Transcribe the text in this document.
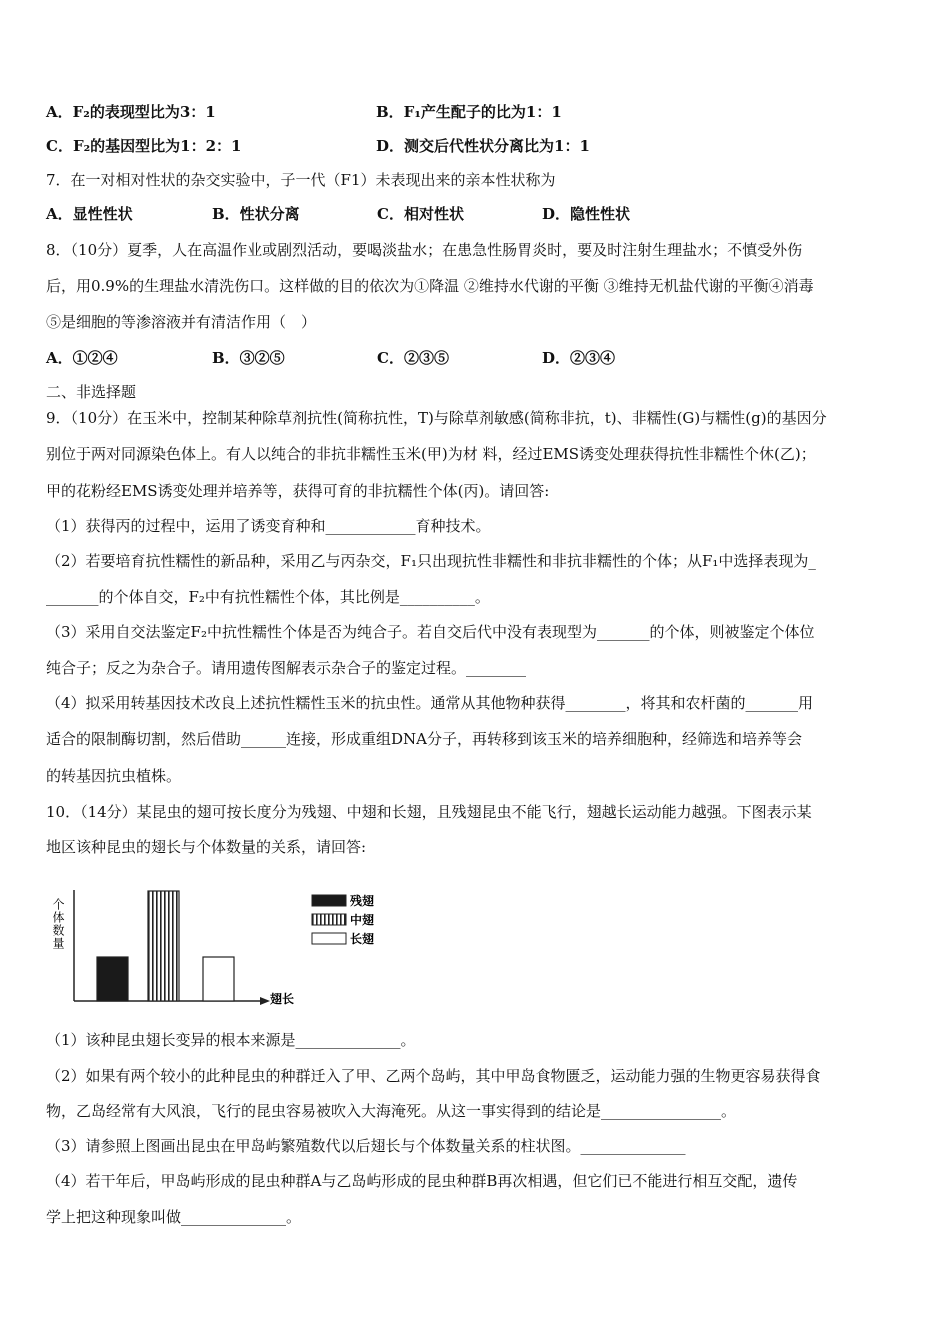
A．F₂的表现型比为3：1	B．F₁产生配子的比为1：1
C．F₂的基因型比为1：2：1	D．测交后代性状分离比为1：1
7．在一对相对性状的杂交实验中，子一代（F1）未表现出来的亲本性状称为
A．显性性状	B．性状分离	C．相对性状	D．隐性性状
8．（10分）夏季，人在高温作业或剧烈活动，要喝淡盐水；在患急性肠胃炎时，要及时注射生理盐水；不慎受外伤
后，用0.9%的生理盐水清洗伤口。这样做的目的依次为①降温 ②维持水代谢的平衡 ③维持无机盐代谢的平衡④消毒
⑤是细胞的等渗溶液并有清洁作用（　）
A．①②④	B．③②⑤	C．②③⑤	D．②③④
二、非选择题
9．（10分）在玉米中，控制某种除草剂抗性(简称抗性，T)与除草剂敏感(简称非抗，t)、非糯性(G)与糯性(g)的基因分
别位于两对同源染色体上。有人以纯合的非抗非糯性玉米(甲)为材 料，经过EMS诱变处理获得抗性非糯性个休(乙)；
甲的花粉经EMS诱变处理并培养等，获得可育的非抗糯性个体(丙)。请回答:
（1）获得丙的过程中，运用了诱变育种和____________育种技术。
（2）若要培育抗性糯性的新品种，采用乙与丙杂交，F₁只出现抗性非糯性和非抗非糯性的个体；从F₁中选择表现为_
_______的个体自交，F₂中有抗性糯性个体，其比例是__________。
（3）采用自交法鉴定F₂中抗性糯性个体是否为纯合子。若自交后代中没有表现型为_______的个体，则被鉴定个体位
纯合子；反之为杂合子。请用遗传图解表示杂合子的鉴定过程。________
（4）拟采用转基因技术改良上述抗性糯性玉米的抗虫性。通常从其他物种获得________，将其和农杆菌的_______用
适合的限制酶切割，然后借助______连接，形成重组DNA分子，再转移到该玉米的培养细胞种，经筛选和培养等会
的转基因抗虫植株。
10．（14分）某昆虫的翅可按长度分为残翅、中翅和长翅，且残翅昆虫不能飞行，翅越长运动能力越强。下图表示某
地区该种昆虫的翅长与个体数量的关系，请回答:
个体数量
翅长
残翅
中翅
长翅
（1）该种昆虫翅长变异的根本来源是______________。
（2）如果有两个较小的此种昆虫的种群迁入了甲、乙两个岛屿，其中甲岛食物匮乏，运动能力强的生物更容易获得食
物，乙岛经常有大风浪，飞行的昆虫容易被吹入大海淹死。从这一事实得到的结论是________________。
（3）请参照上图画出昆虫在甲岛屿繁殖数代以后翅长与个体数量关系的柱状图。______________
（4）若干年后，甲岛屿形成的昆虫种群A与乙岛屿形成的昆虫种群B再次相遇，但它们已不能进行相互交配，遗传
学上把这种现象叫做______________。
